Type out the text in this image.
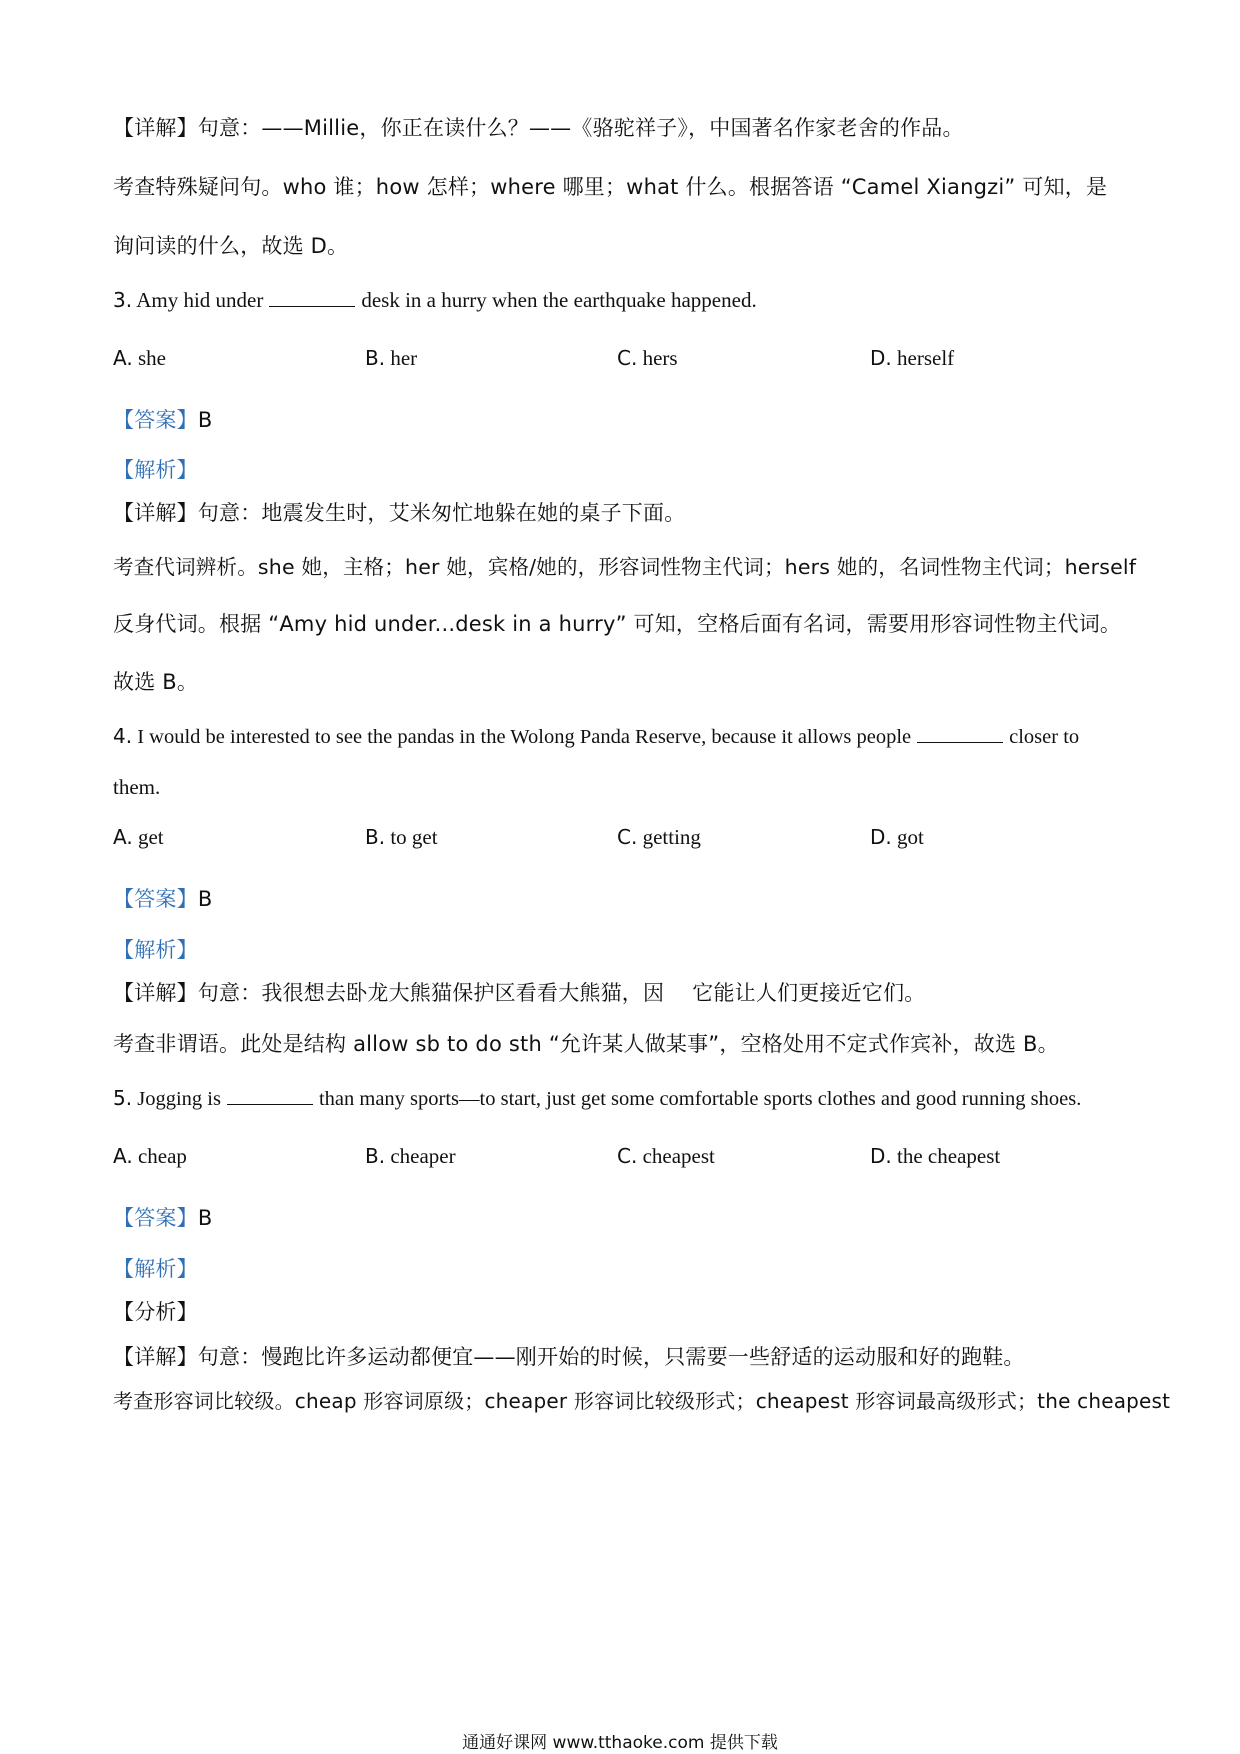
【详解】句意：——Millie，你正在读什么？——《骆驼祥子》，中国著名作家老舍的作品。
考查特殊疑问句。who 谁；how 怎样；where 哪里；what 什么。根据答语 “Camel Xiangzi” 可知，是
询问读的什么，故选 D。
3. Amy hid under	desk in a hurry when the earthquake happened.
A. she	B. her	C. hers	D. herself
【答案】B
【解析】
【详解】句意：地震发生时，艾米匆忙地躲在她的桌子下面。
考查代词辨析。she 她，主格；her 她，宾格/她的，形容词性物主代词；hers 她的，名词性物主代词；herself
反身代词。根据 “Amy hid under...desk in a hurry” 可知，空格后面有名词，需要用形容词性物主代词。
故选 B。
4. I would be interested to see the pandas in the Wolong Panda Reserve, because it allows people	closer to
them.
A. get	B. to get	C. getting	D. got
【答案】B
【解析】
【详解】句意：我很想去卧龙大熊猫保护区看看大熊猫，因　 它能让人们更接近它们。
考查非谓语。此处是结构 allow sb to do sth “允许某人做某事”，空格处用不定式作宾补，故选 B。
5. Jogging is	than many sports—to start, just get some comfortable sports clothes and good running shoes.
A. cheap	B. cheaper	C. cheapest	D. the cheapest
【答案】B
【解析】
【分析】
【详解】句意：慢跑比许多运动都便宜——刚开始的时候，只需要一些舒适的运动服和好的跑鞋。
考查形容词比较级。cheap 形容词原级；cheaper 形容词比较级形式；cheapest 形容词最高级形式；the cheapest
通通好课网 www.tthaoke.com 提供下载
